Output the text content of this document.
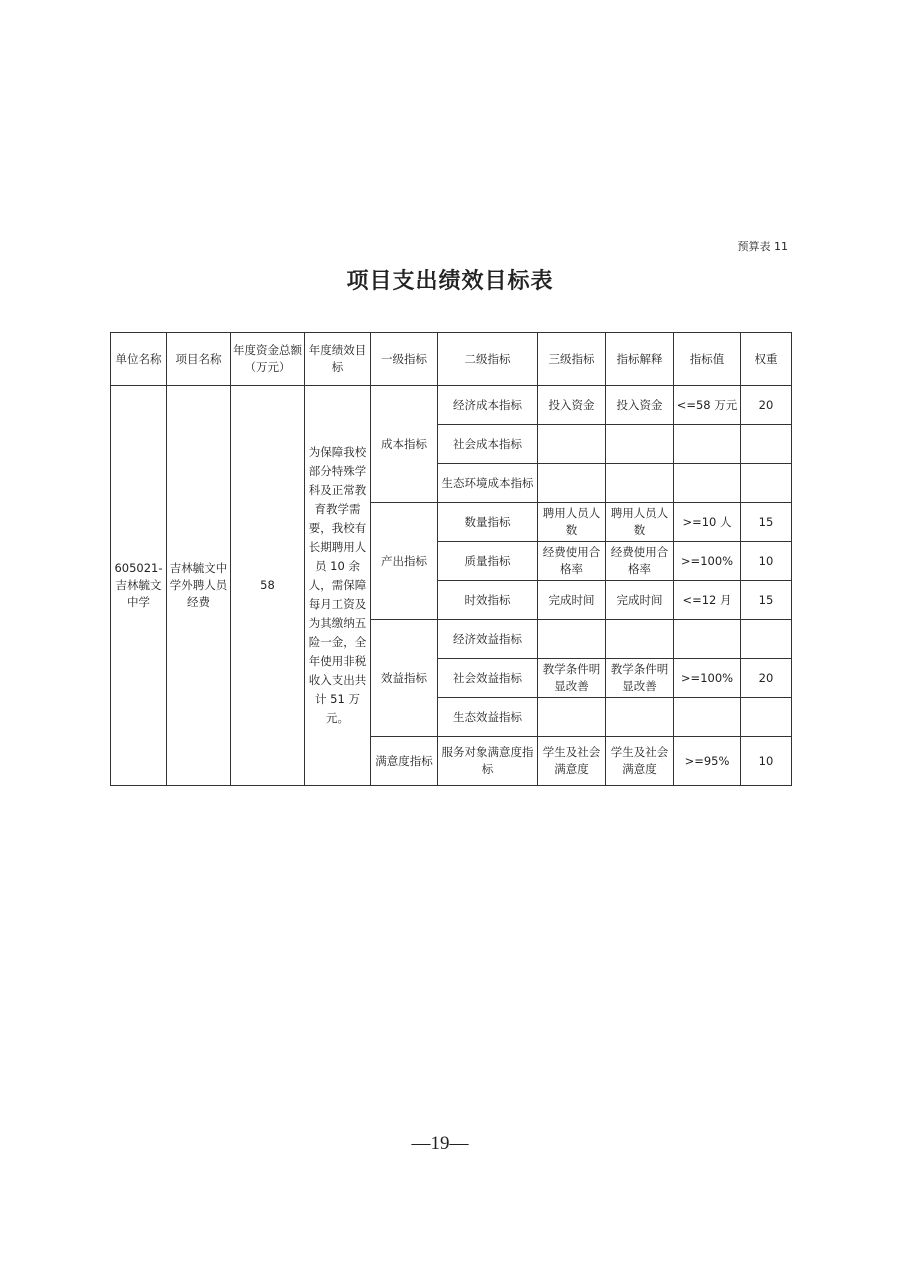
预算表 11
项目支出绩效目标表
单位名称	项目名称	年度资金总额（万元）	年度绩效目标	一级指标	二级指标	三级指标	指标解释	指标值	权重
605021-吉林毓文中学	吉林毓文中学外聘人员经费	58	为保障我校部分特殊学科及正常教育教学需要，我校有长期聘用人员 10 余人，需保障每月工资及为其缴纳五险一金，全年使用非税收入支出共计 51 万元。	成本指标	经济成本指标	投入资金	投入资金	<=58 万元	20
					社会成本指标				
					生态环境成本指标				
				产出指标	数量指标	聘用人员人数	聘用人员人数	>=10 人	15
					质量指标	经费使用合格率	经费使用合格率	>=100%	10
					时效指标	完成时间	完成时间	<=12 月	15
				效益指标	经济效益指标				
					社会效益指标	教学条件明显改善	教学条件明显改善	>=100%	20
					生态效益指标				
				满意度指标	服务对象满意度指标	学生及社会满意度	学生及社会满意度	>=95%	10
—19—
